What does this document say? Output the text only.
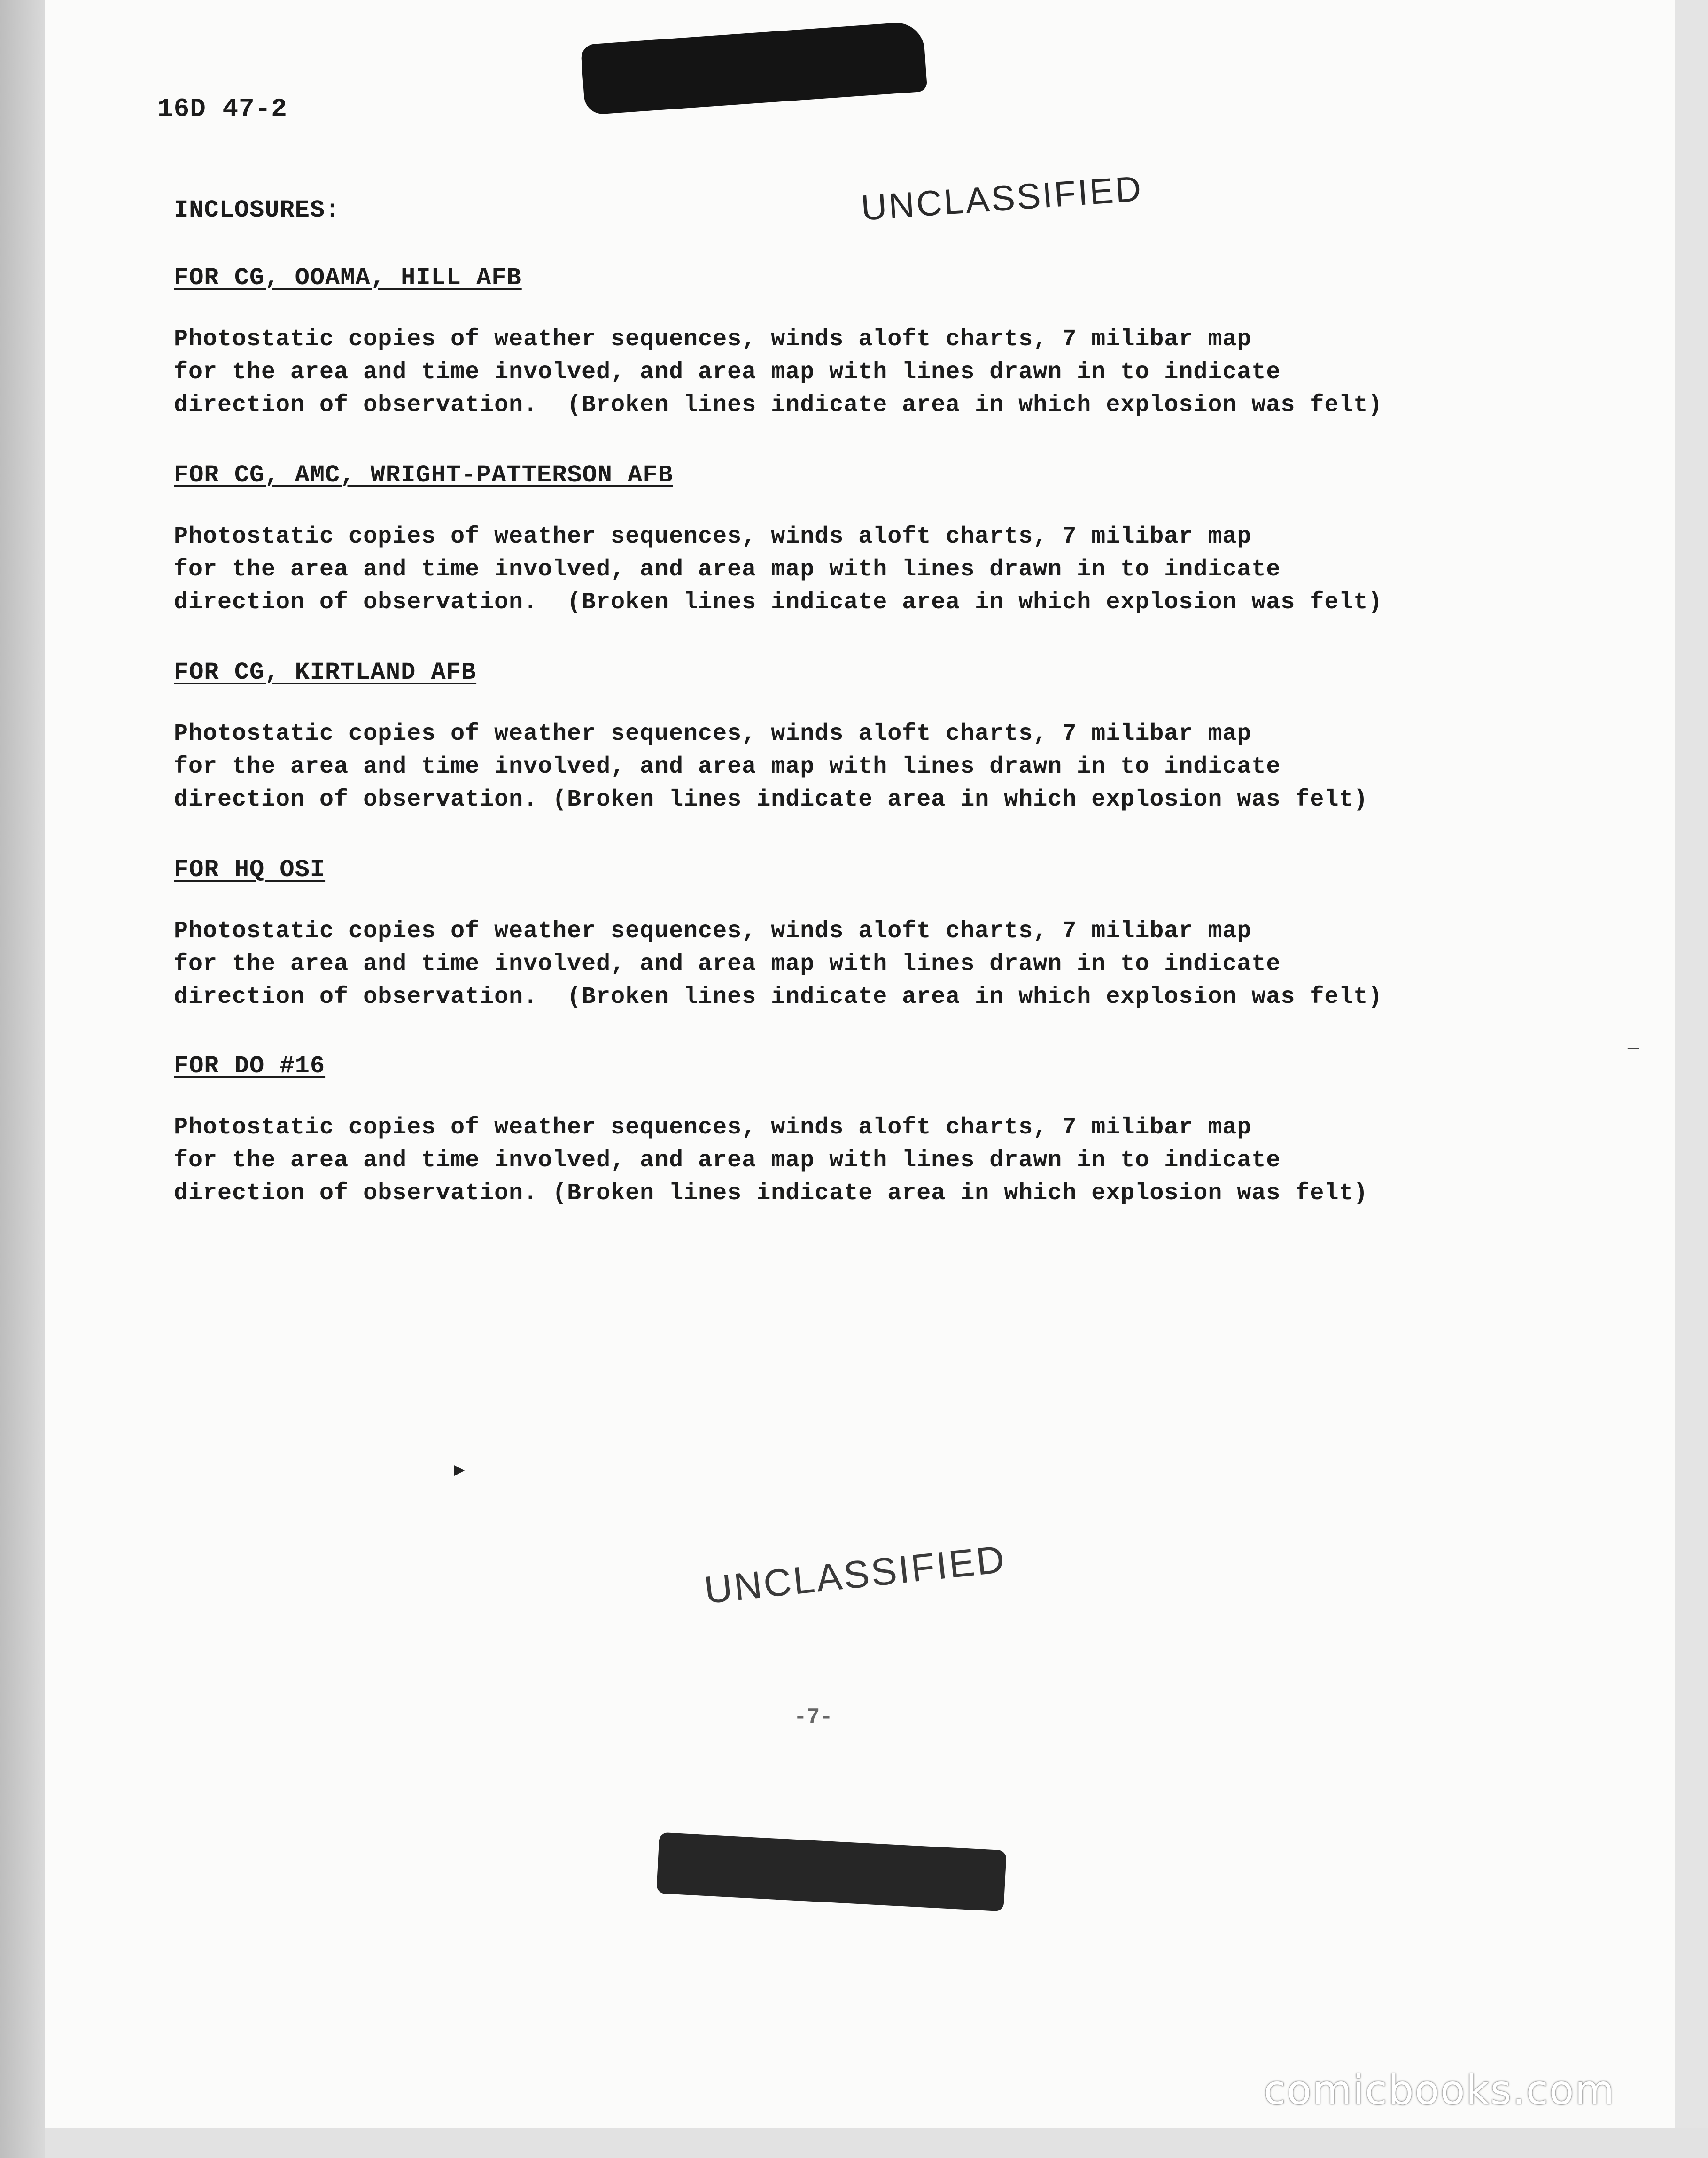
16D 47-2
INCLOSURES:	UNCLASSIFIED
FOR CG, OOAMA, HILL AFB
Photostatic copies of weather sequences, winds aloft charts, 7 milibar map
for the area and time involved, and area map with lines drawn in to indicate
direction of observation.  (Broken lines indicate area in which explosion was felt)
FOR CG, AMC, WRIGHT-PATTERSON AFB
Photostatic copies of weather sequences, winds aloft charts, 7 milibar map
for the area and time involved, and area map with lines drawn in to indicate
direction of observation.  (Broken lines indicate area in which explosion was felt)
FOR CG, KIRTLAND AFB
Photostatic copies of weather sequences, winds aloft charts, 7 milibar map
for the area and time involved, and area map with lines drawn in to indicate
direction of observation. (Broken lines indicate area in which explosion was felt)
FOR HQ OSI
Photostatic copies of weather sequences, winds aloft charts, 7 milibar map
for the area and time involved, and area map with lines drawn in to indicate
direction of observation.  (Broken lines indicate area in which explosion was felt)
FOR DO #16
Photostatic copies of weather sequences, winds aloft charts, 7 milibar map
for the area and time involved, and area map with lines drawn in to indicate
direction of observation. (Broken lines indicate area in which explosion was felt)
►
—
UNCLASSIFIED
-7-
comicbooks.com
